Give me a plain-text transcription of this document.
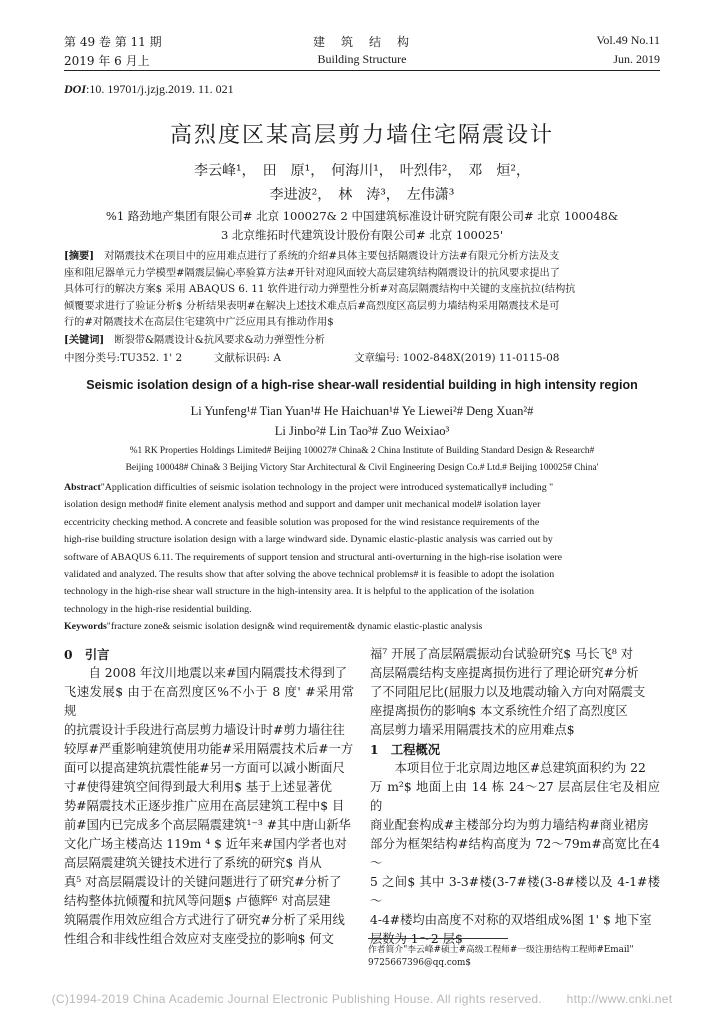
第 49 卷 第 11 期
2019 年 6 月上
建　筑　结　构
Building Structure
Vol.49 No.11
Jun. 2019
DOI:10. 19701/j.jzjg.2019. 11. 021
高烈度区某高层剪力墙住宅隔震设计
李云峰¹，　田　原¹，　何海川¹，　叶烈伟²，　邓　烜²，
李进波²，　林　涛³，　左伟潇³
%1 路劲地产集团有限公司# 北京 100027& 2 中国建筑标准设计研究院有限公司# 北京 100048&
3 北京维拓时代建筑设计股份有限公司# 北京 100025'
[摘要]　 对隔震技术在项目中的应用难点进行了系统的介绍#具体主要包括隔震设计方法#有限元分析方法及支
座和阻尼器单元力学模型#隔震层偏心率验算方法#开针对迎风面较大高层建筑结构隔震设计的抗风要求提出了
具体可行的解决方案$ 采用 ABAQUS 6. 11 软件进行动力弹塑性分析#对高层隔震结构中关键的支座抗拉(结构抗
倾覆要求进行了验证分析$ 分析结果表明#在解决上述技术难点后#高烈度区高层剪力墙结构采用隔震技术是可
行的#对隔震技术在高层住宅建筑中广泛应用具有推动作用$
[关键词]　 断裂带&隔震设计&抗风要求&动力弹塑性分析
中图分类号:TU352. 1' 2	文献标识码: A	文章编号: 1002-848X(2019) 11-0115-08
Seismic isolation design of a high-rise shear-wall residential building in high intensity region
Li Yunfeng¹# Tian Yuan¹# He Haichuan¹# Ye Liewei²# Deng Xuan²#
Li Jinbo²# Lin Tao³# Zuo Weixiao³
%1 RK Properties Holdings Limited# Beijing 100027# China& 2 China Institute of Building Standard Design & Research#
Beijing 100048# China& 3 Beijing Victory Star Architectural & Civil Engineering Design Co.# Ltd.# Beijing 100025# China'
Abstract"Application difficulties of seismic isolation technology in the project were introduced systematically# including "
isolation design method# finite element analysis method and support and damper unit mechanical model# isolation layer
eccentricity checking method. A concrete and feasible solution was proposed for the wind resistance requirements of the
high-rise building structure isolation design with a large windward side. Dynamic elastic-plastic analysis was carried out by
software of ABAQUS 6.11. The requirements of support tension and structural anti-overturning in the high-rise isolation were
validated and analyzed. The results show that after solving the above technical problems# it is feasible to adopt the isolation
technology in the high-rise shear wall structure in the high-intensity area. It is helpful to the application of the isolation
technology in the high-rise residential building.
Keywords"fracture zone& seismic isolation design& wind requirement& dynamic elastic-plastic analysis

0　引言

自 2008 年汶川地震以来#国内隔震技术得到了

飞速发展$ 由于在高烈度区%不小于 8 度' #采用常规

的抗震设计手段进行高层剪力墙设计时#剪力墙往往

较厚#严重影响建筑使用功能#采用隔震技术后#一方

面可以提高建筑抗震性能#另一方面可以减小断面尺

寸#使得建筑空间得到最大利用$ 基于上述显著优

势#隔震技术正逐步推广应用在高层建筑工程中$ 目

前#国内已完成多个高层隔震建筑¹⁻³ #其中唐山新华

文化广场主楼高达 119m ⁴ $ 近年来#国内学者也对

高层隔震建筑关键技术进行了系统的研究$ 肖从

真⁵ 对高层隔震设计的关键问题进行了研究#分析了

结构整体抗倾覆和抗风等问题$ 卢德辉⁶ 对高层建

筑隔震作用效应组合方式进行了研究#分析了采用线

性组合和非线性组合效应对支座受拉的影响$ 何文

福⁷ 开展了高层隔震振动台试验研究$ 马长飞⁸ 对

高层隔震结构支座提离损伤进行了理论研究#分析

了不同阻尼比(屈服力以及地震动输入方向对隔震支

座提离损伤的影响$ 本文系统性介绍了高烈度区

高层剪力墙采用隔震技术的应用难点$

1　工程概况

本项目位于北京周边地区#总建筑面积约为 22

万 m²$ 地面上由 14 栋 24～27 层高层住宅及相应的

商业配套构成#主楼部分均为剪力墙结构#商业裙房

部分为框架结构#结构高度为 72～79m#高宽比在4～

5 之间$ 其中 3-3#楼(3-7#楼(3-8#楼以及 4-1#楼～

4-4#楼均由高度不对称的双塔组成%图 1' $ 地下室

层数为 1～2 层$

作者简介"李云峰#硕士#高级工程师#一级注册结构工程师#Email"
9725667396@qq.com$
(C)1994-2019 China Academic Journal Electronic Publishing House. All rights reserved.　　http://www.cnki.net
